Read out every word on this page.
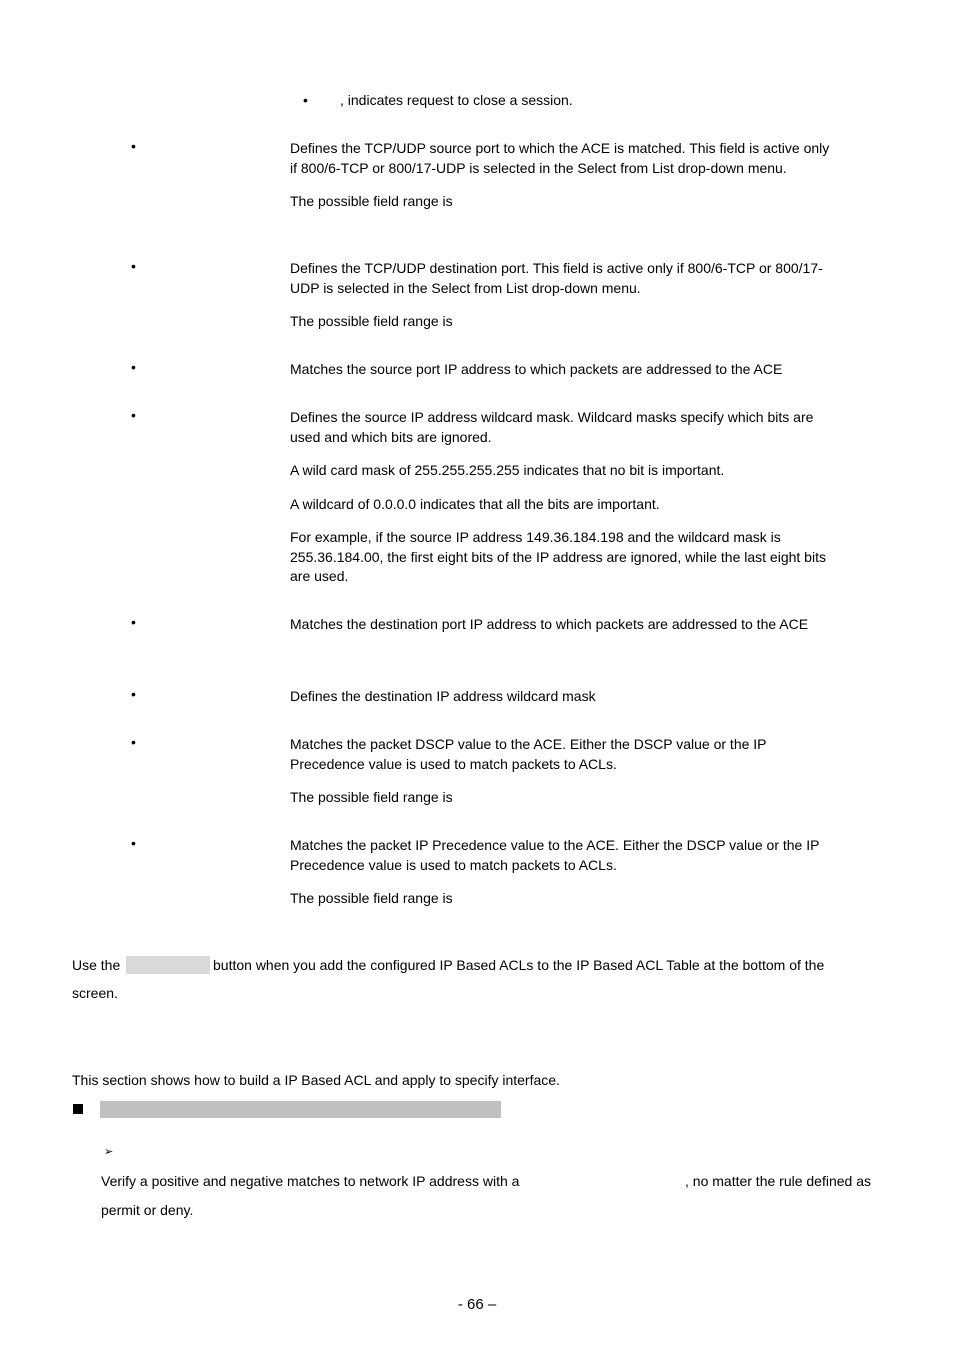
• , indicates request to close a session.
•	Defines the TCP/UDP source port to which the ACE is matched. This field is active only if 800/6-TCP or 800/17-UDP is selected in the Select from List drop-down menu.

The possible field range is

•	Defines the TCP/UDP destination port. This field is active only if 800/6-TCP or 800/17-UDP is selected in the Select from List drop-down menu.

The possible field range is

•	Matches the source port IP address to which packets are addressed to the ACE

•	Defines the source IP address wildcard mask. Wildcard masks specify which bits are used and which bits are ignored.

A wild card mask of 255.255.255.255 indicates that no bit is important.

A wildcard of 0.0.0.0 indicates that all the bits are important.

For example, if the source IP address 149.36.184.198 and the wildcard mask is 255.36.184.00, the first eight bits of the IP address are ignored, while the last eight bits are used.

•	Matches the destination port IP address to which packets are addressed to the ACE

•	Defines the destination IP address wildcard mask

•	Matches the packet DSCP value to the ACE. Either the DSCP value or the IP Precedence value is used to match packets to ACLs.

The possible field range is

•	Matches the packet IP Precedence value to the ACE. Either the DSCP value or the IP Precedence value is used to match packets to ACLs.

The possible field range is

Use the	button when you add the configured IP Based ACLs to the IP Based ACL Table at the bottom of the
screen.
This section shows how to build a IP Based ACL and apply to specify interface.
➢
Verify a positive and negative matches to network IP address with a	, no matter the rule defined as
permit or deny.
- 66 –
